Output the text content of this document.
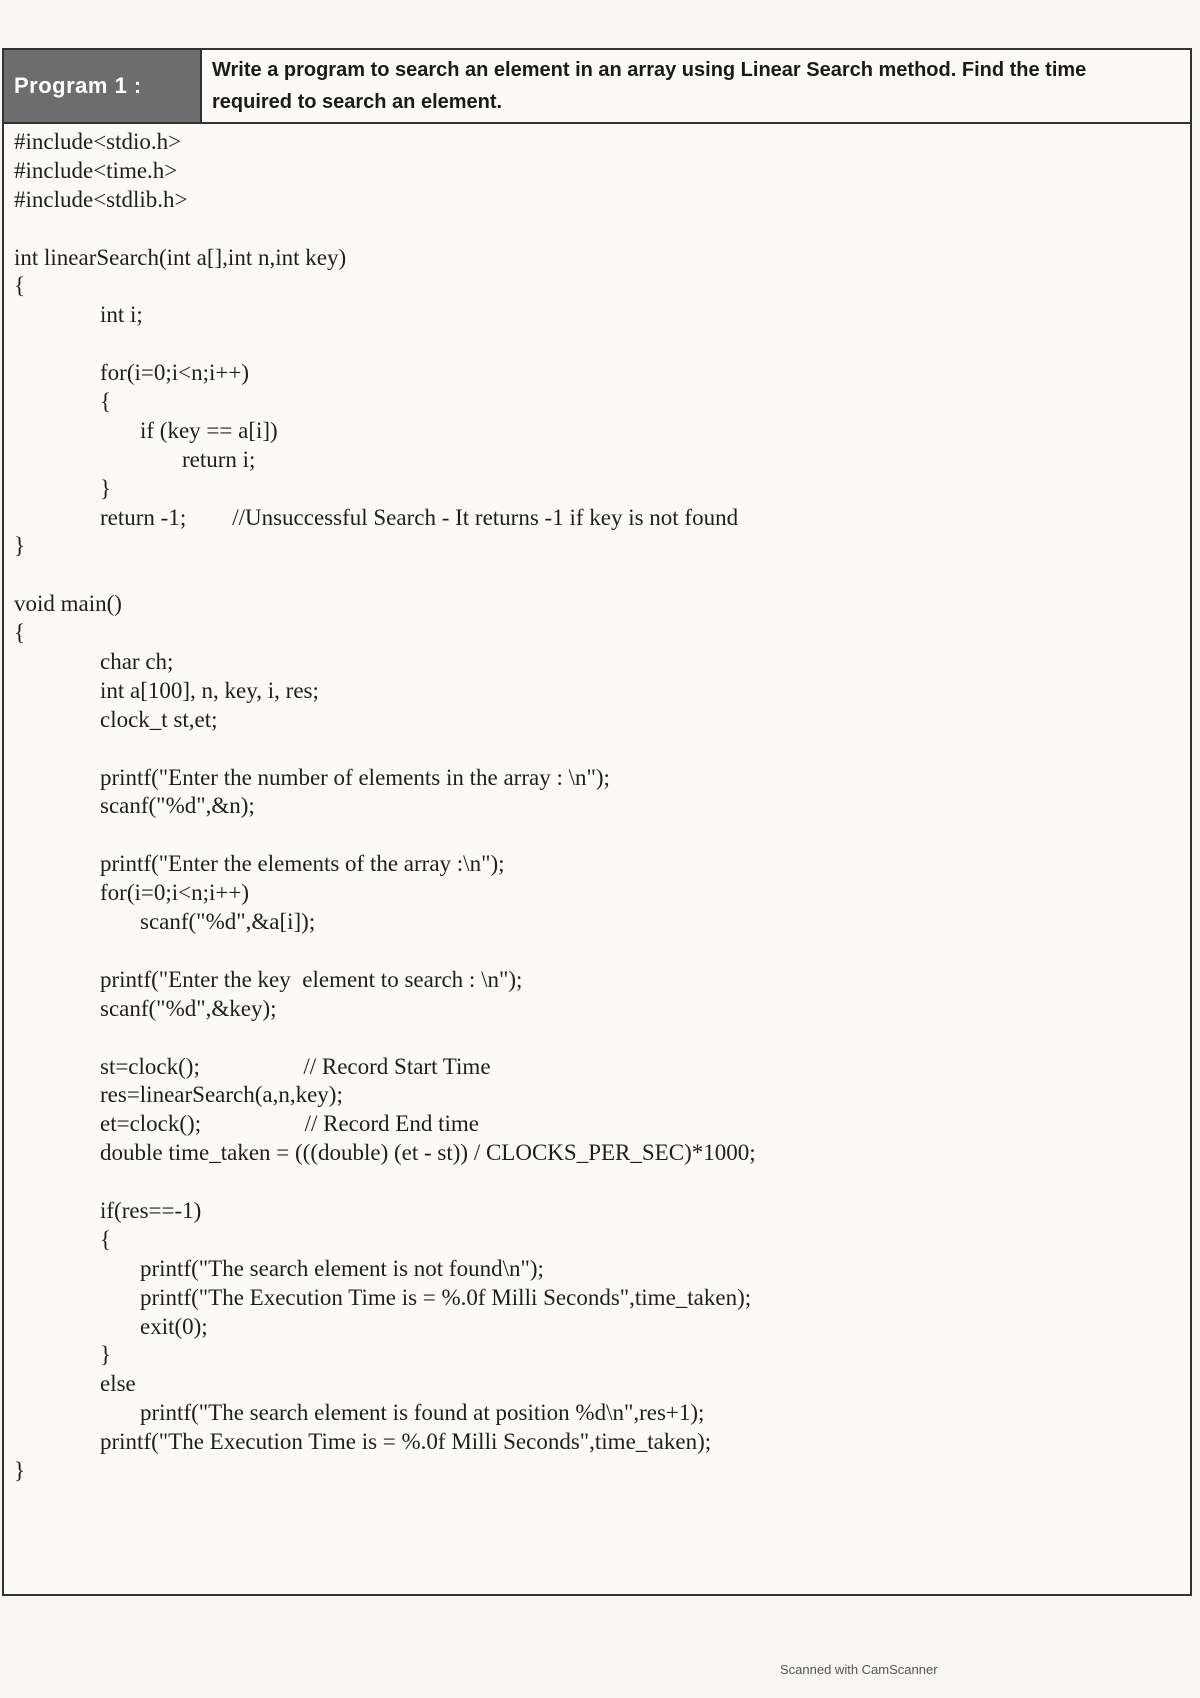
Program 1 :
Write a program to search an element in an array using Linear Search method. Find the time
required to search an element.
#include<stdio.h>
#include<time.h>
#include<stdlib.h>
int linearSearch(int a[],int n,int key)
{
int i;
for(i=0;i<n;i++)
{
if (key == a[i])
return i;
}
return -1;        //Unsuccessful Search - It returns -1 if key is not found
}
void main()
{
char ch;
int a[100], n, key, i, res;
clock_t st,et;
printf("Enter the number of elements in the array : \n");
scanf("%d",&n);
printf("Enter the elements of the array :\n");
for(i=0;i<n;i++)
scanf("%d",&a[i]);
printf("Enter the key  element to search : \n");
scanf("%d",&key);
st=clock();                  // Record Start Time
res=linearSearch(a,n,key);
et=clock();                  // Record End time
double time_taken = (((double) (et - st)) / CLOCKS_PER_SEC)*1000;
if(res==-1)
{
printf("The search element is not found\n");
printf("The Execution Time is = %.0f Milli Seconds",time_taken);
exit(0);
}
else
printf("The search element is found at position %d\n",res+1);
printf("The Execution Time is = %.0f Milli Seconds",time_taken);
}
Scanned with CamScanner
